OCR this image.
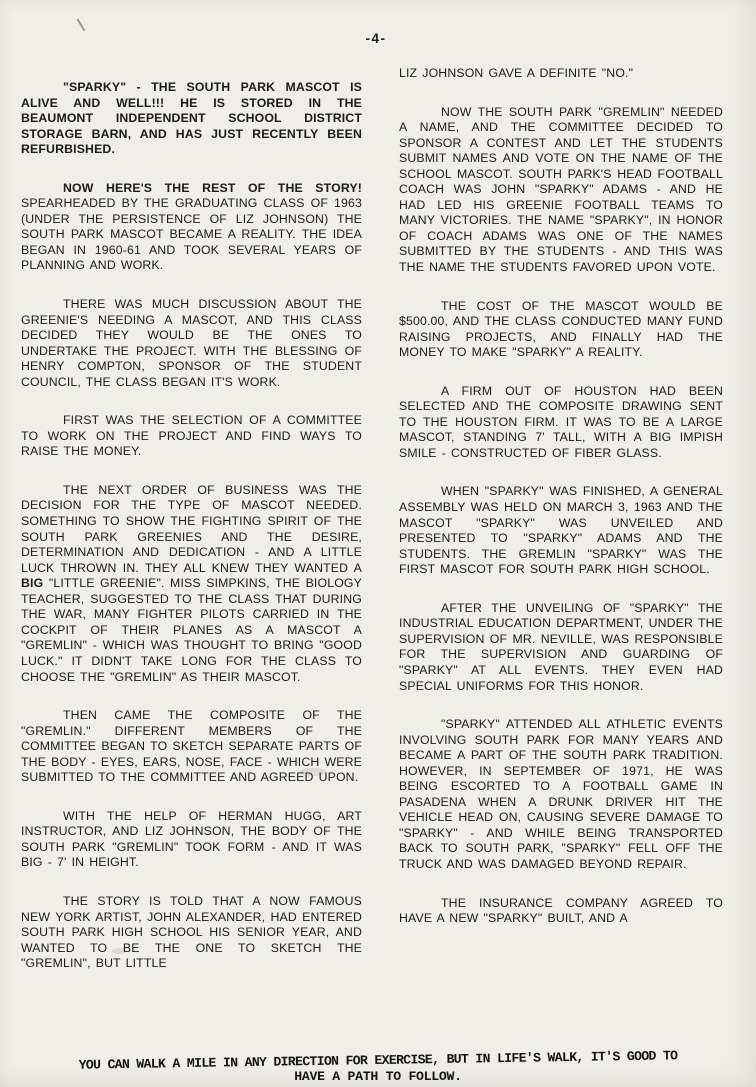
-4-

"SPARKY" - THE SOUTH PARK MASCOT IS ALIVE AND WELL!!! HE IS STORED IN THE BEAUMONT INDEPENDENT SCHOOL DISTRICT STORAGE BARN, AND HAS JUST RECENTLY BEEN REFURBISHED.

NOW HERE'S THE REST OF THE STORY! SPEARHEADED BY THE GRADUATING CLASS OF 1963 (UNDER THE PERSISTENCE OF LIZ JOHNSON) THE SOUTH PARK MASCOT BECAME A REALITY. THE IDEA BEGAN IN 1960-61 AND TOOK SEVERAL YEARS OF PLANNING AND WORK.

THERE WAS MUCH DISCUSSION ABOUT THE GREENIE'S NEEDING A MASCOT, AND THIS CLASS DECIDED THEY WOULD BE THE ONES TO UNDERTAKE THE PROJECT. WITH THE BLESSING OF HENRY COMPTON, SPONSOR OF THE STUDENT COUNCIL, THE CLASS BEGAN IT'S WORK.

FIRST WAS THE SELECTION OF A COMMITTEE TO WORK ON THE PROJECT AND FIND WAYS TO RAISE THE MONEY.

THE NEXT ORDER OF BUSINESS WAS THE DECISION FOR THE TYPE OF MASCOT NEEDED. SOMETHING TO SHOW THE FIGHTING SPIRIT OF THE SOUTH PARK GREENIES AND THE DESIRE, DETERMINATION AND DEDICATION - AND A LITTLE LUCK THROWN IN. THEY ALL KNEW THEY WANTED A BIG "LITTLE GREENIE". MISS SIMPKINS, THE BIOLOGY TEACHER, SUGGESTED TO THE CLASS THAT DURING THE WAR, MANY FIGHTER PILOTS CARRIED IN THE COCKPIT OF THEIR PLANES AS A MASCOT A "GREMLIN" - WHICH WAS THOUGHT TO BRING "GOOD LUCK." IT DIDN'T TAKE LONG FOR THE CLASS TO CHOOSE THE "GREMLIN" AS THEIR MASCOT.

THEN CAME THE COMPOSITE OF THE "GREMLIN." DIFFERENT MEMBERS OF THE COMMITTEE BEGAN TO SKETCH SEPARATE PARTS OF THE BODY - EYES, EARS, NOSE, FACE - WHICH WERE SUBMITTED TO THE COMMITTEE AND AGREED UPON.

WITH THE HELP OF HERMAN HUGG, ART INSTRUCTOR, AND LIZ JOHNSON, THE BODY OF THE SOUTH PARK "GREMLIN" TOOK FORM - AND IT WAS BIG - 7' IN HEIGHT.

THE STORY IS TOLD THAT A NOW FAMOUS NEW YORK ARTIST, JOHN ALEXANDER, HAD ENTERED SOUTH PARK HIGH SCHOOL HIS SENIOR YEAR, AND WANTED TO BE THE ONE TO SKETCH THE "GREMLIN", BUT LITTLE

LIZ JOHNSON GAVE A DEFINITE "NO."

NOW THE SOUTH PARK "GREMLIN" NEEDED A NAME, AND THE COMMITTEE DECIDED TO SPONSOR A CONTEST AND LET THE STUDENTS SUBMIT NAMES AND VOTE ON THE NAME OF THE SCHOOL MASCOT. SOUTH PARK'S HEAD FOOTBALL COACH WAS JOHN "SPARKY" ADAMS - AND HE HAD LED HIS GREENIE FOOTBALL TEAMS TO MANY VICTORIES. THE NAME "SPARKY", IN HONOR OF COACH ADAMS WAS ONE OF THE NAMES SUBMITTED BY THE STUDENTS - AND THIS WAS THE NAME THE STUDENTS FAVORED UPON VOTE.

THE COST OF THE MASCOT WOULD BE $500.00, AND THE CLASS CONDUCTED MANY FUND RAISING PROJECTS, AND FINALLY HAD THE MONEY TO MAKE "SPARKY" A REALITY.

A FIRM OUT OF HOUSTON HAD BEEN SELECTED AND THE COMPOSITE DRAWING SENT TO THE HOUSTON FIRM. IT WAS TO BE A LARGE MASCOT, STANDING 7' TALL, WITH A BIG IMPISH SMILE - CONSTRUCTED OF FIBER GLASS.

WHEN "SPARKY" WAS FINISHED, A GENERAL ASSEMBLY WAS HELD ON MARCH 3, 1963 AND THE MASCOT "SPARKY" WAS UNVEILED AND PRESENTED TO "SPARKY" ADAMS AND THE STUDENTS. THE GREMLIN "SPARKY" WAS THE FIRST MASCOT FOR SOUTH PARK HIGH SCHOOL.

AFTER THE UNVEILING OF "SPARKY" THE INDUSTRIAL EDUCATION DEPARTMENT, UNDER THE SUPERVISION OF MR. NEVILLE, WAS RESPONSIBLE FOR THE SUPERVISION AND GUARDING OF "SPARKY" AT ALL EVENTS. THEY EVEN HAD SPECIAL UNIFORMS FOR THIS HONOR.

"SPARKY" ATTENDED ALL ATHLETIC EVENTS INVOLVING SOUTH PARK FOR MANY YEARS AND BECAME A PART OF THE SOUTH PARK TRADITION. HOWEVER, IN SEPTEMBER OF 1971, HE WAS BEING ESCORTED TO A FOOTBALL GAME IN PASADENA WHEN A DRUNK DRIVER HIT THE VEHICLE HEAD ON, CAUSING SEVERE DAMAGE TO "SPARKY" - AND WHILE BEING TRANSPORTED BACK TO SOUTH PARK, "SPARKY" FELL OFF THE TRUCK AND WAS DAMAGED BEYOND REPAIR.

THE INSURANCE COMPANY AGREED TO HAVE A NEW "SPARKY" BUILT, AND A

YOU CAN WALK A MILE IN ANY DIRECTION FOR EXERCISE, BUT IN LIFE'S WALK, IT'S GOOD TO
HAVE A PATH TO FOLLOW.
